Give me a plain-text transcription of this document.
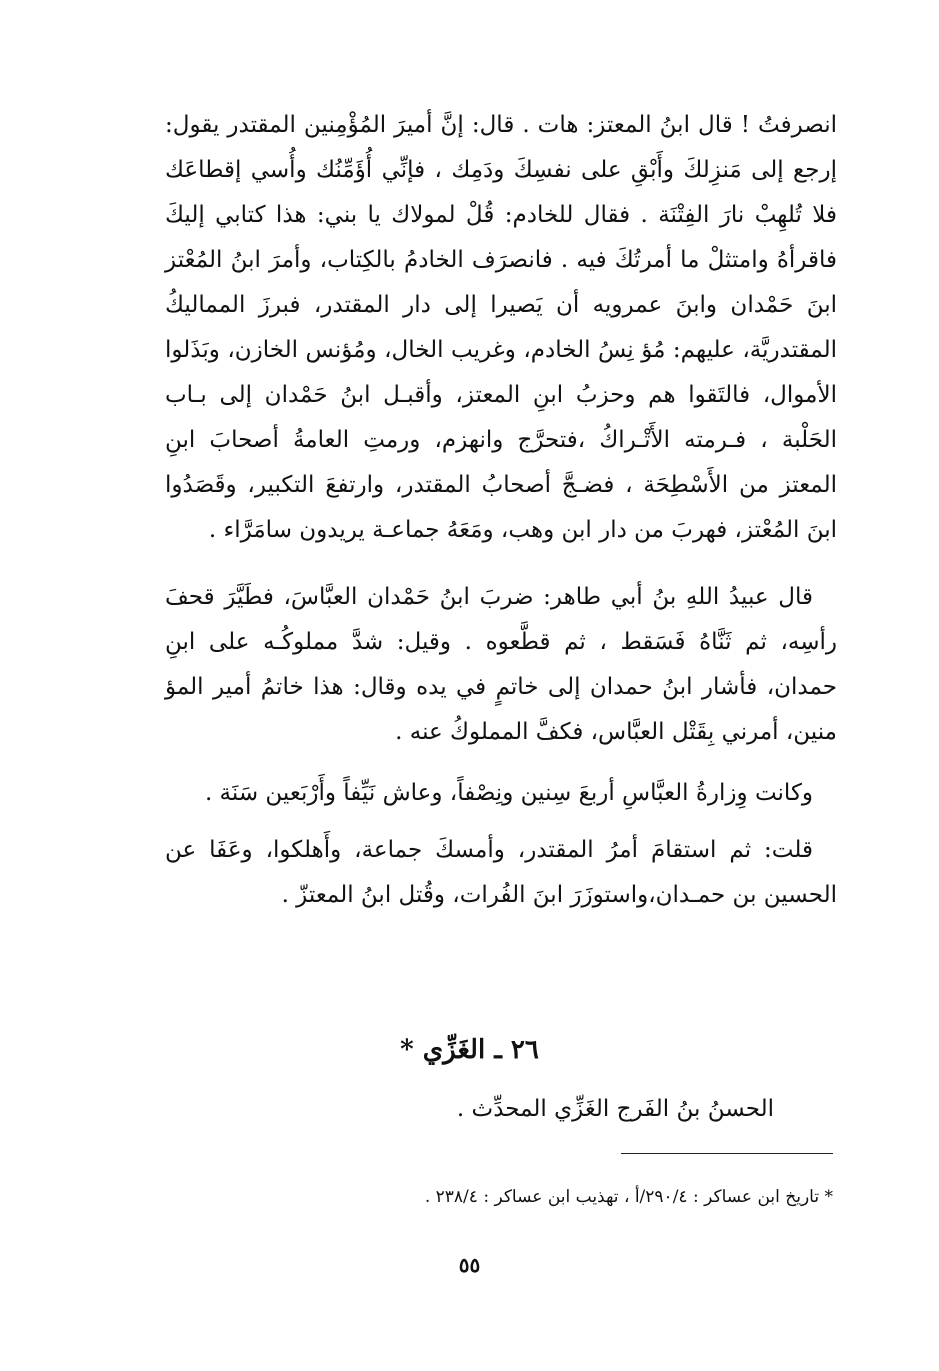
انصرفتُ ! قال ابنُ المعتز: هات . قال: إنَّ أميرَ المُؤْمِنين المقتدر يقول: إرجع إلى مَنزِلكَ وأَبْقِ على نفسِكَ ودَمِك ، فإنِّي أُؤَمِّنُك وأُسي إقطاعَك فلا تُلهِبْ نارَ الفِتْنَة . فقال للخادم: قُلْ لمولاك يا بني: هذا كتابي إليكَ فاقرأهُ وامتثلْ ما أمرتُكَ فيه . فانصرَف الخادمُ بالكِتاب، وأمرَ ابنُ المُعْتز ابنَ حَمْدان وابنَ عمرويه أن يَصيرا إلى دار المقتدر، فبرزَ المماليكُ المقتدريَّة، عليهم: مُؤ نِسُ الخادم، وغريب الخال، ومُؤنس الخازن، وبَذَلوا الأموال، فالتَقوا هم وحزبُ ابنِ المعتز، وأقبـل ابنُ حَمْدان إلى بـاب الحَلْبة ، فـرمته الأَتْـراكُ ،فتحرَّج وانهزم، ورمتِ العامةُ أصحابَ ابنِ المعتز من الأَسْطِحَة ، فضـجَّ أصحابُ المقتدر، وارتفعَ التكبير، وقَصَدُوا ابنَ المُعْتز، فهربَ من دار ابن وهب، ومَعَهُ جماعـة يريدون سامَرَّاء .

قال عبيدُ اللهِ بنُ أبي طاهر: ضربَ ابنُ حَمْدان العبَّاسَ، فطَيَّرَ قحفَ رأسِه، ثم ثَنَّاهُ فَسَقط ، ثم قطَّعوه . وقيل: شدَّ مملوكُـه على ابنِ حمدان، فأشار ابنُ حمدان إلى خاتمٍ في يده وقال: هذا خاتمُ أمير المؤ منين، أمرني بِقَتْل العبَّاس، فكفَّ المملوكُ عنه .

وكانت وِزارةُ العبَّاسِ أربعَ سِنين ونِصْفاً، وعاش نَيِّفاً وأَرْبَعين سَنَة .

قلت: ثم استقامَ أمرُ المقتدر، وأمسكَ جماعة، وأَهلكوا، وعَفَا عن الحسين بن حمـدان،واستوزَرَ ابنَ الفُرات، وقُتل ابنُ المعتزّ .

٢٦ ـ الغَزِّي *

الحسنُ بنُ الفَرج الغَزِّي المحدِّث .

* تاريخ ابن عساكر : ٢٩٠/٤/أ ، تهذيب ابن عساكر : ٢٣٨/٤ .

٥٥
